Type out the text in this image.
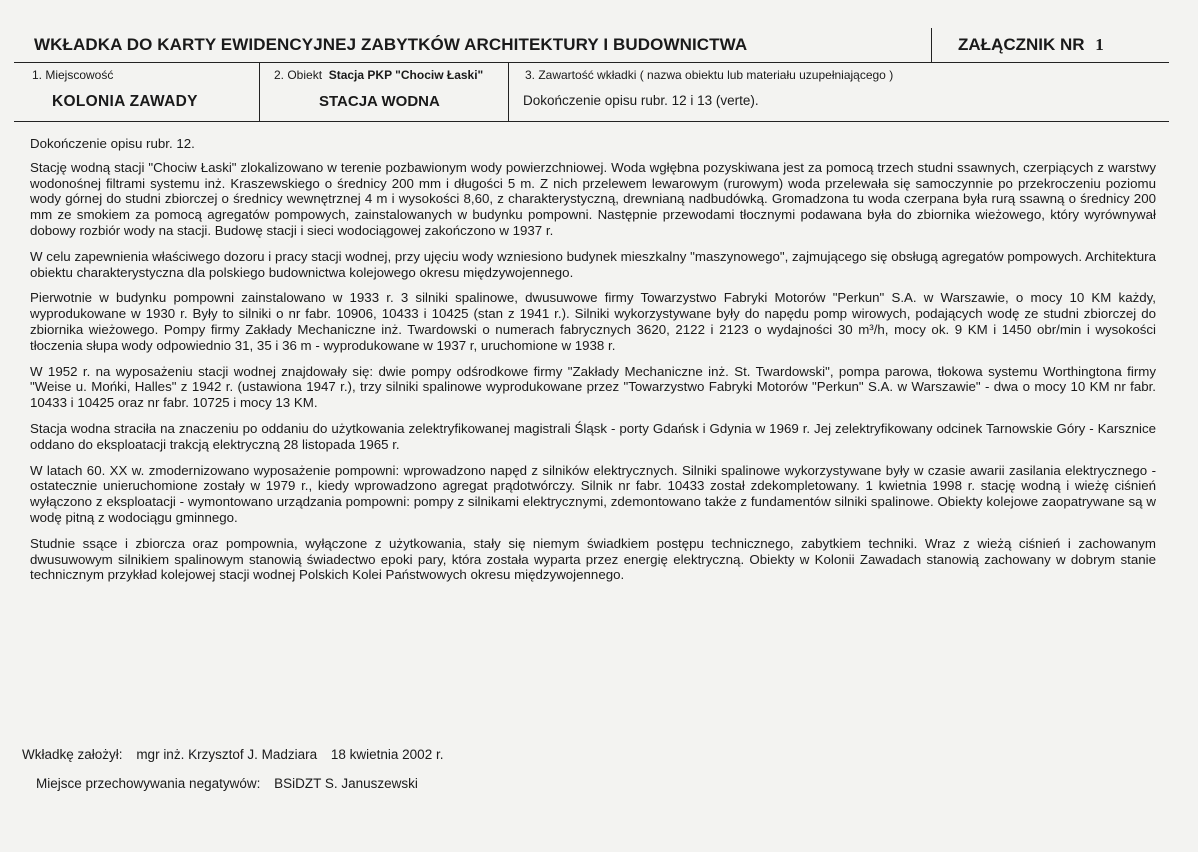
WKŁADKA DO KARTY EWIDENCYJNEJ ZABYTKÓW ARCHITEKTURY I BUDOWNICTWA	ZAŁĄCZNIK NR 1
1. Miejscowość
KOLONIA ZAWADY
2. Obiekt Stacja PKP "Chociw Łaski"
STACJA WODNA
3. Zawartość wkładki ( nazwa obiektu lub materiału uzupełniającego )
Dokończenie opisu rubr. 12 i 13 (verte).

Dokończenie opisu rubr. 12.

Stację wodną stacji "Chociw Łaski" zlokalizowano w terenie pozbawionym wody powierzchniowej. Woda wgłębna pozyskiwana jest za pomocą trzech studni ssawnych, czerpiących z warstwy wodonośnej filtrami systemu inż. Kraszewskiego o średnicy 200 mm i długości 5 m. Z nich przelewem lewarowym (rurowym) woda przelewała się samoczynnie po przekroczeniu poziomu wody górnej do studni zbiorczej o średnicy wewnętrznej 4 m i wysokości 8,60, z charakterystyczną, drewnianą nadbudówką. Gromadzona tu woda czerpana była rurą ssawną o średnicy 200 mm ze smokiem za pomocą agregatów pompowych, zainstalowanych w budynku pompowni. Następnie przewodami tłocznymi podawana była do zbiornika wieżowego, który wyrównywał dobowy rozbiór wody na stacji. Budowę stacji i sieci wodociągowej zakończono w 1937 r.

W celu zapewnienia właściwego dozoru i pracy stacji wodnej, przy ujęciu wody wzniesiono budynek mieszkalny "maszynowego", zajmującego się obsługą agregatów pompowych. Architektura obiektu charakterystyczna dla polskiego budownictwa kolejowego okresu międzywojennego.

Pierwotnie w budynku pompowni zainstalowano w 1933 r. 3 silniki spalinowe, dwusuwowe firmy Towarzystwo Fabryki Motorów "Perkun" S.A. w Warszawie, o mocy 10 KM każdy, wyprodukowane w 1930 r. Były to silniki o nr fabr. 10906, 10433 i 10425 (stan z 1941 r.). Silniki wykorzystywane były do napędu pomp wirowych, podających wodę ze studni zbiorczej do zbiornika wieżowego. Pompy firmy Zakłady Mechaniczne inż. Twardowski o numerach fabrycznych 3620, 2122 i 2123 o wydajności 30 m³/h, mocy ok. 9 KM i 1450 obr/min i wysokości tłoczenia słupa wody odpowiednio 31, 35 i 36 m - wyprodukowane w 1937 r, uruchomione w 1938 r.

W 1952 r. na wyposażeniu stacji wodnej znajdowały się: dwie pompy odśrodkowe firmy "Zakłady Mechaniczne inż. St. Twardowski", pompa parowa, tłokowa systemu Worthingtona firmy "Weise u. Mońki, Halles" z 1942 r. (ustawiona 1947 r.), trzy silniki spalinowe wyprodukowane przez "Towarzystwo Fabryki Motorów "Perkun" S.A. w Warszawie" - dwa o mocy 10 KM nr fabr. 10433 i 10425 oraz nr fabr. 10725 i mocy 13 KM.

Stacja wodna straciła na znaczeniu po oddaniu do użytkowania zelektryfikowanej magistrali Śląsk - porty Gdańsk i Gdynia w 1969 r. Jej zelektryfikowany odcinek Tarnowskie Góry - Karsznice oddano do eksploatacji trakcją elektryczną 28 listopada 1965 r.

W latach 60. XX w. zmodernizowano wyposażenie pompowni: wprowadzono napęd z silników elektrycznych. Silniki spalinowe wykorzystywane były w czasie awarii zasilania elektrycznego - ostatecznie unieruchomione zostały w 1979 r., kiedy wprowadzono agregat prądotwórczy. Silnik nr fabr. 10433 został zdekompletowany. 1 kwietnia 1998 r. stację wodną i wieżę ciśnień wyłączono z eksploatacji - wymontowano urządzania pompowni: pompy z silnikami elektrycznymi, zdemontowano także z fundamentów silniki spalinowe. Obiekty kolejowe zaopatrywane są w wodę pitną z wodociągu gminnego.

Studnie ssące i zbiorcza oraz pompownia, wyłączone z użytkowania, stały się niemym świadkiem postępu technicznego, zabytkiem techniki. Wraz z wieżą ciśnień i zachowanym dwusuwowym silnikiem spalinowym stanowią świadectwo epoki pary, która została wyparta przez energię elektryczną. Obiekty w Kolonii Zawadach stanowią zachowany w dobrym stanie technicznym przykład kolejowej stacji wodnej Polskich Kolei Państwowych okresu międzywojennego.

Wkładkę założył: mgr inż. Krzysztof J. Madziara 18 kwietnia 2002 r.
Miejsce przechowywania negatywów: BSiDZT S. Januszewski
